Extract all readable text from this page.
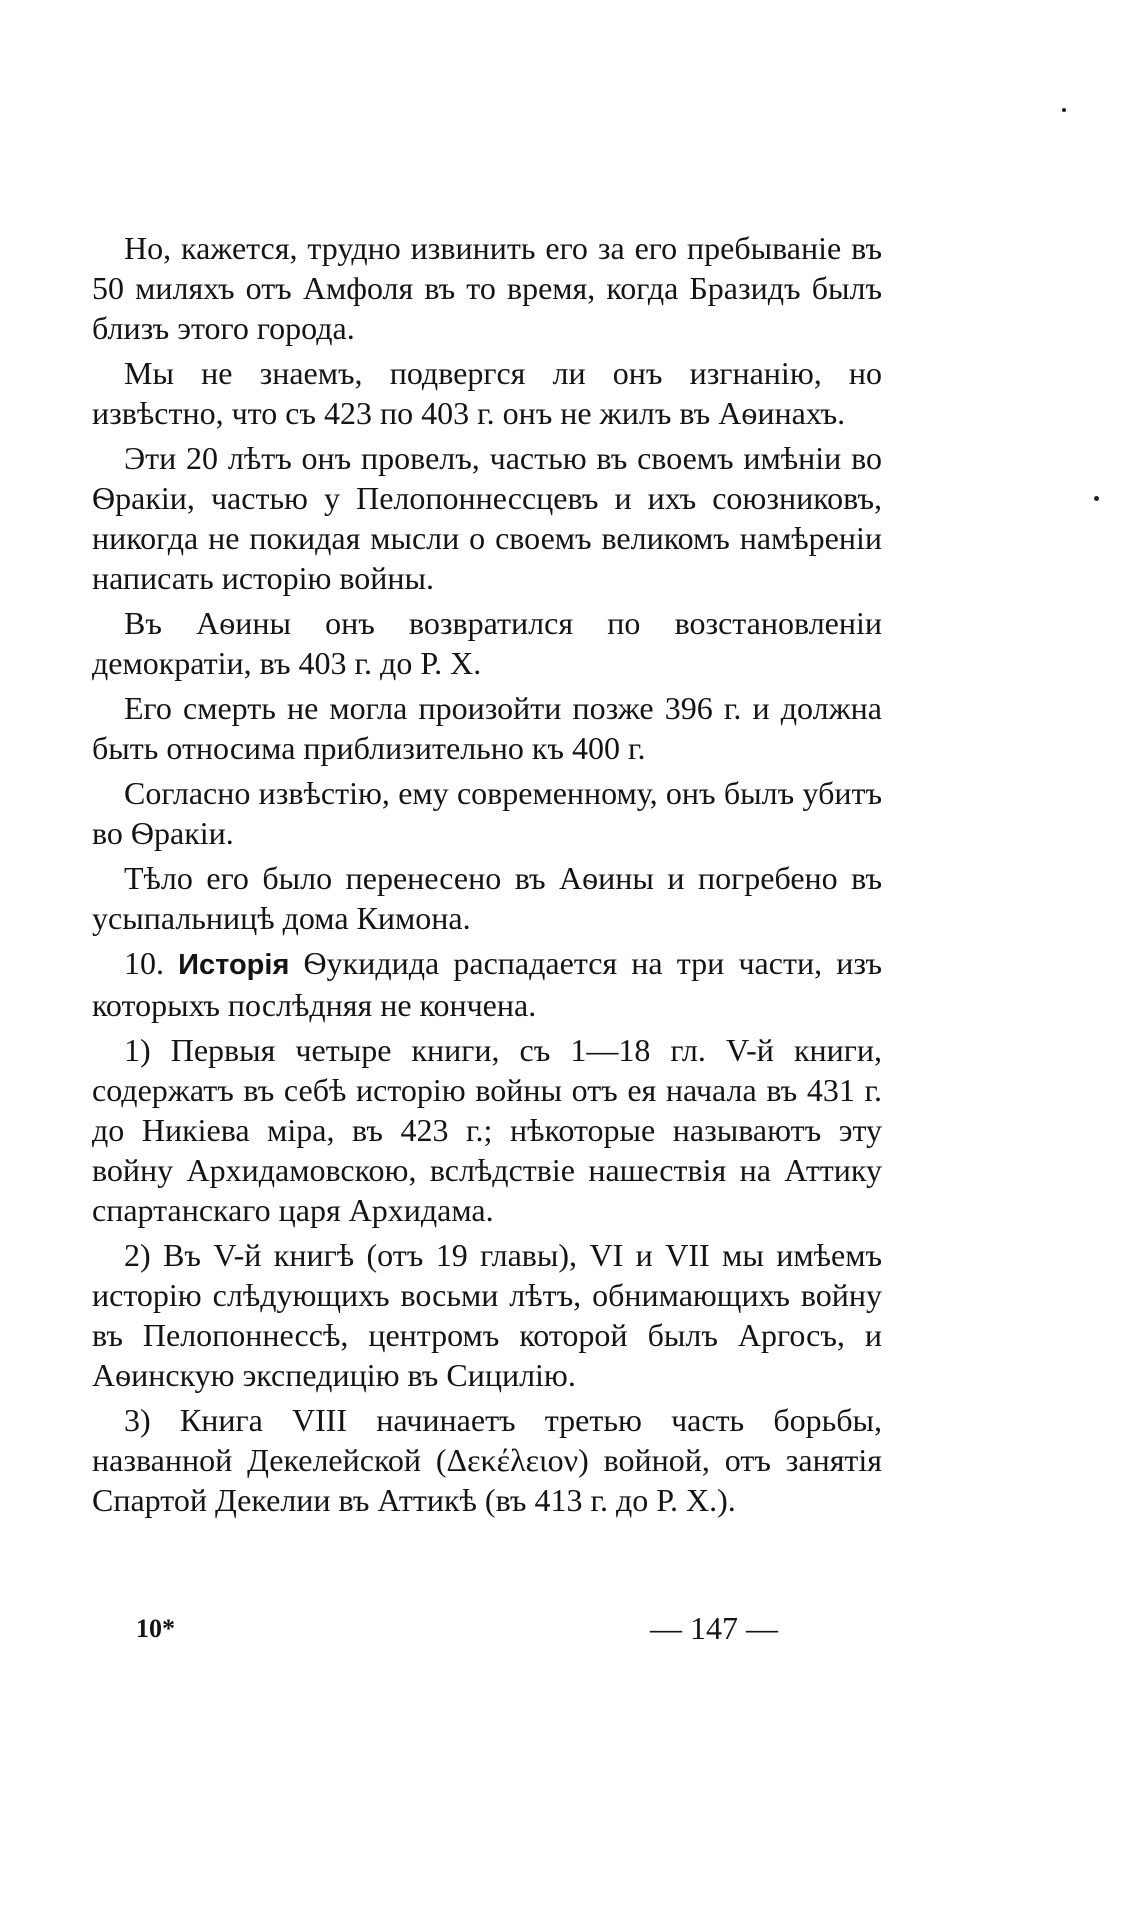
Но, кажется, трудно извинить его за его пребываніе въ 50 миляхъ отъ Амфоля въ то время, когда Бразидъ былъ близъ этого города.

Мы не знаемъ, подвергся ли онъ изгнанію, но извѣстно, что съ 423 по 403 г. онъ не жилъ въ Аѳинахъ.

Эти 20 лѣтъ онъ провелъ, частью въ своемъ имѣніи во Ѳракіи, частью у Пелопоннессцевъ и ихъ союзниковъ, никогда не покидая мысли о своемъ великомъ намѣреніи написать исторію войны.

Въ Аѳины онъ возвратился по возстановленіи демократіи, въ 403 г. до Р. Х.

Его смерть не могла произойти позже 396 г. и должна быть относима приблизительно къ 400 г.

Согласно извѣстію, ему современному, онъ былъ убитъ во Ѳракіи.

Тѣло его было перенесено въ Аѳины и погребено въ усыпальницѣ дома Кимона.

10. Исторія Ѳукидида распадается на три части, изъ которыхъ послѣдняя не кончена.

1) Первыя четыре книги, съ 1—18 гл. V-й книги, содержатъ въ себѣ исторію войны отъ ея начала въ 431 г. до Никіева міра, въ 423 г.; нѣкоторые называютъ эту войну Архидамовскою, вслѣдствіе нашествія на Аттику спартанскаго царя Архидама.

2) Въ V-й книгѣ (отъ 19 главы), VI и VII мы имѣемъ исторію слѣдующихъ восьми лѣтъ, обнимающихъ войну въ Пелопоннессѣ, центромъ которой былъ Аргосъ, и Аѳинскую экспедицію въ Сицилію.

3) Книга VIII начинаетъ третью часть борьбы, названной Декелейской (Δεκέλειον) войной, отъ занятія Спартой Декелии въ Аттикѣ (въ 413 г. до Р. Х.).

10*	— 147 —
